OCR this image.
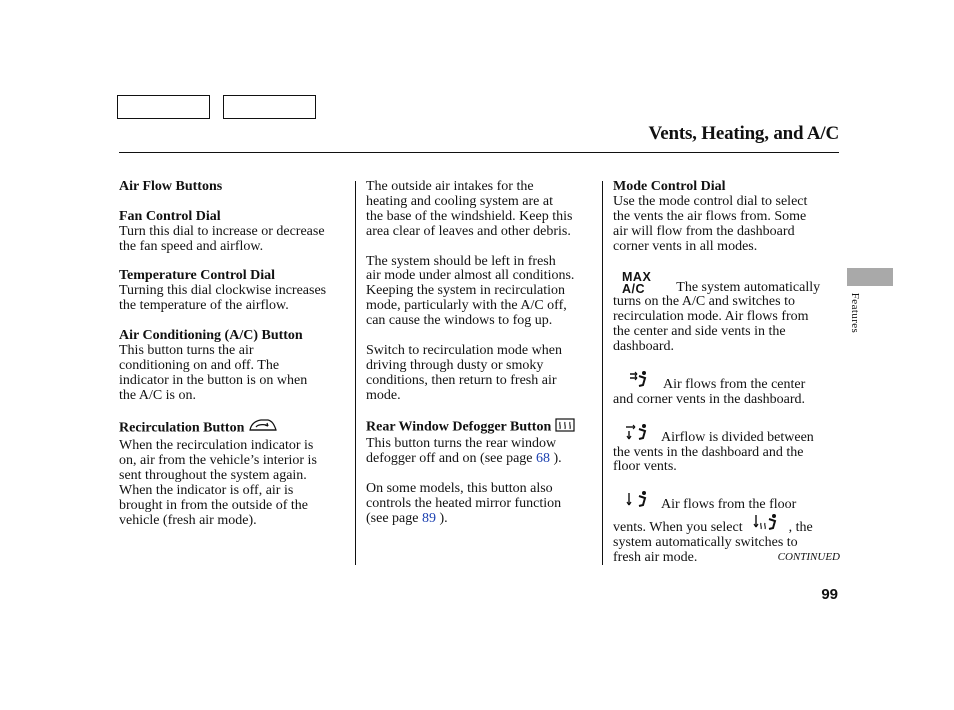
Vents, Heating, and A/C

Air Flow Buttons

Fan Control Dial

Turn this dial to increase or decrease

the fan speed and airflow.

Temperature Control Dial

Turning this dial clockwise increases

the temperature of the airflow.

Air Conditioning (A/C) Button

This button turns the air

conditioning on and off. The

indicator in the button is on when

the A/C is on.

Recirculation Button

When the recirculation indicator is

on, air from the vehicle’s interior is

sent throughout the system again.

When the indicator is off, air is

brought in from the outside of the

vehicle (fresh air mode).

The outside air intakes for the

heating and cooling system are at

the base of the windshield. Keep this

area clear of leaves and other debris.

The system should be left in fresh

air mode under almost all conditions.

Keeping the system in recirculation

mode, particularly with the A/C off,

can cause the windows to fog up.

Switch to recirculation mode when

driving through dusty or smoky

conditions, then return to fresh air

mode.

Rear Window Defogger Button

This button turns the rear window

defogger off and on (see page 68 ).

On some models, this button also

controls the heated mirror function

(see page 89 ).

Mode Control Dial

Use the mode control dial to select

the vents the air flows from. Some

air will flow from the dashboard

corner vents in all modes.

MAX
A/C	The system automatically

turns on the A/C and switches to

recirculation mode. Air flows from

the center and side vents in the

dashboard.

Air flows from the center

and corner vents in the dashboard.

Airflow is divided between

the vents in the dashboard and the

floor vents.

Air flows from the floor
vents. When you select	, the

system automatically switches to

fresh air mode.

Features
CONTINUED
99
